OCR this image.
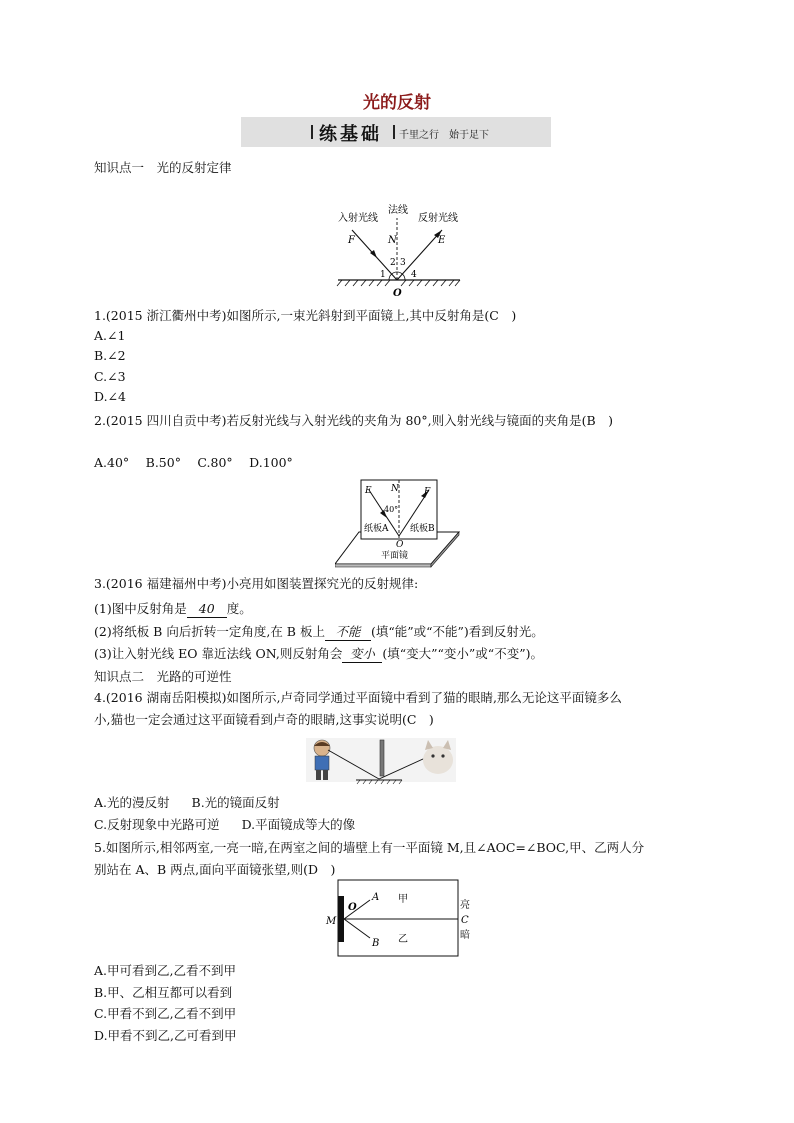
光的反射
练基础 千里之行　始于足下
知识点一　光的反射定律
入射光线
法线
反射光线
F	N	E
1
2 3
4
O
1.(2015 浙江衢州中考)如图所示,一束光斜射到平面镜上,其中反射角是(C　)
A.∠1
B.∠2
C.∠3
D.∠4
2.(2015 四川自贡中考)若反射光线与入射光线的夹角为 80°,则入射光线与镜面的夹角是(B　)
A.40°　 B.50°　 C.80°　 D.100°
E N	F
40°
纸板A 纸板B
O
平面镜
3.(2016 福建福州中考)小亮用如图装置探究光的反射规律:
(1)图中反射角是 40 度。
(2)将纸板 B 向后折转一定角度,在 B 板上 不能 (填“能”或“不能”)看到反射光。
(3)让入射光线 EO 靠近法线 ON,则反射角会 变小 (填“变大”“变小”或“不变”)。
知识点二　光路的可逆性
4.(2016 湖南岳阳模拟)如图所示,卢奇同学通过平面镜中看到了猫的眼睛,那么无论这平面镜多么
小,猫也一定会通过这平面镜看到卢奇的眼睛,这事实说明(C　)
A.光的漫反射 B.光的镜面反射
C.反射现象中光路可逆 D.平面镜成等大的像
5.如图所示,相邻两室,一亮一暗,在两室之间的墙壁上有一平面镜 M,且∠AOC=∠BOC,甲、乙两人分
别站在 A、B 两点,面向平面镜张望,则(D　)
M
O
A
B
甲
乙
亮
C
暗
A.甲可看到乙,乙看不到甲
B.甲、乙相互都可以看到
C.甲看不到乙,乙看不到甲
D.甲看不到乙,乙可看到甲
